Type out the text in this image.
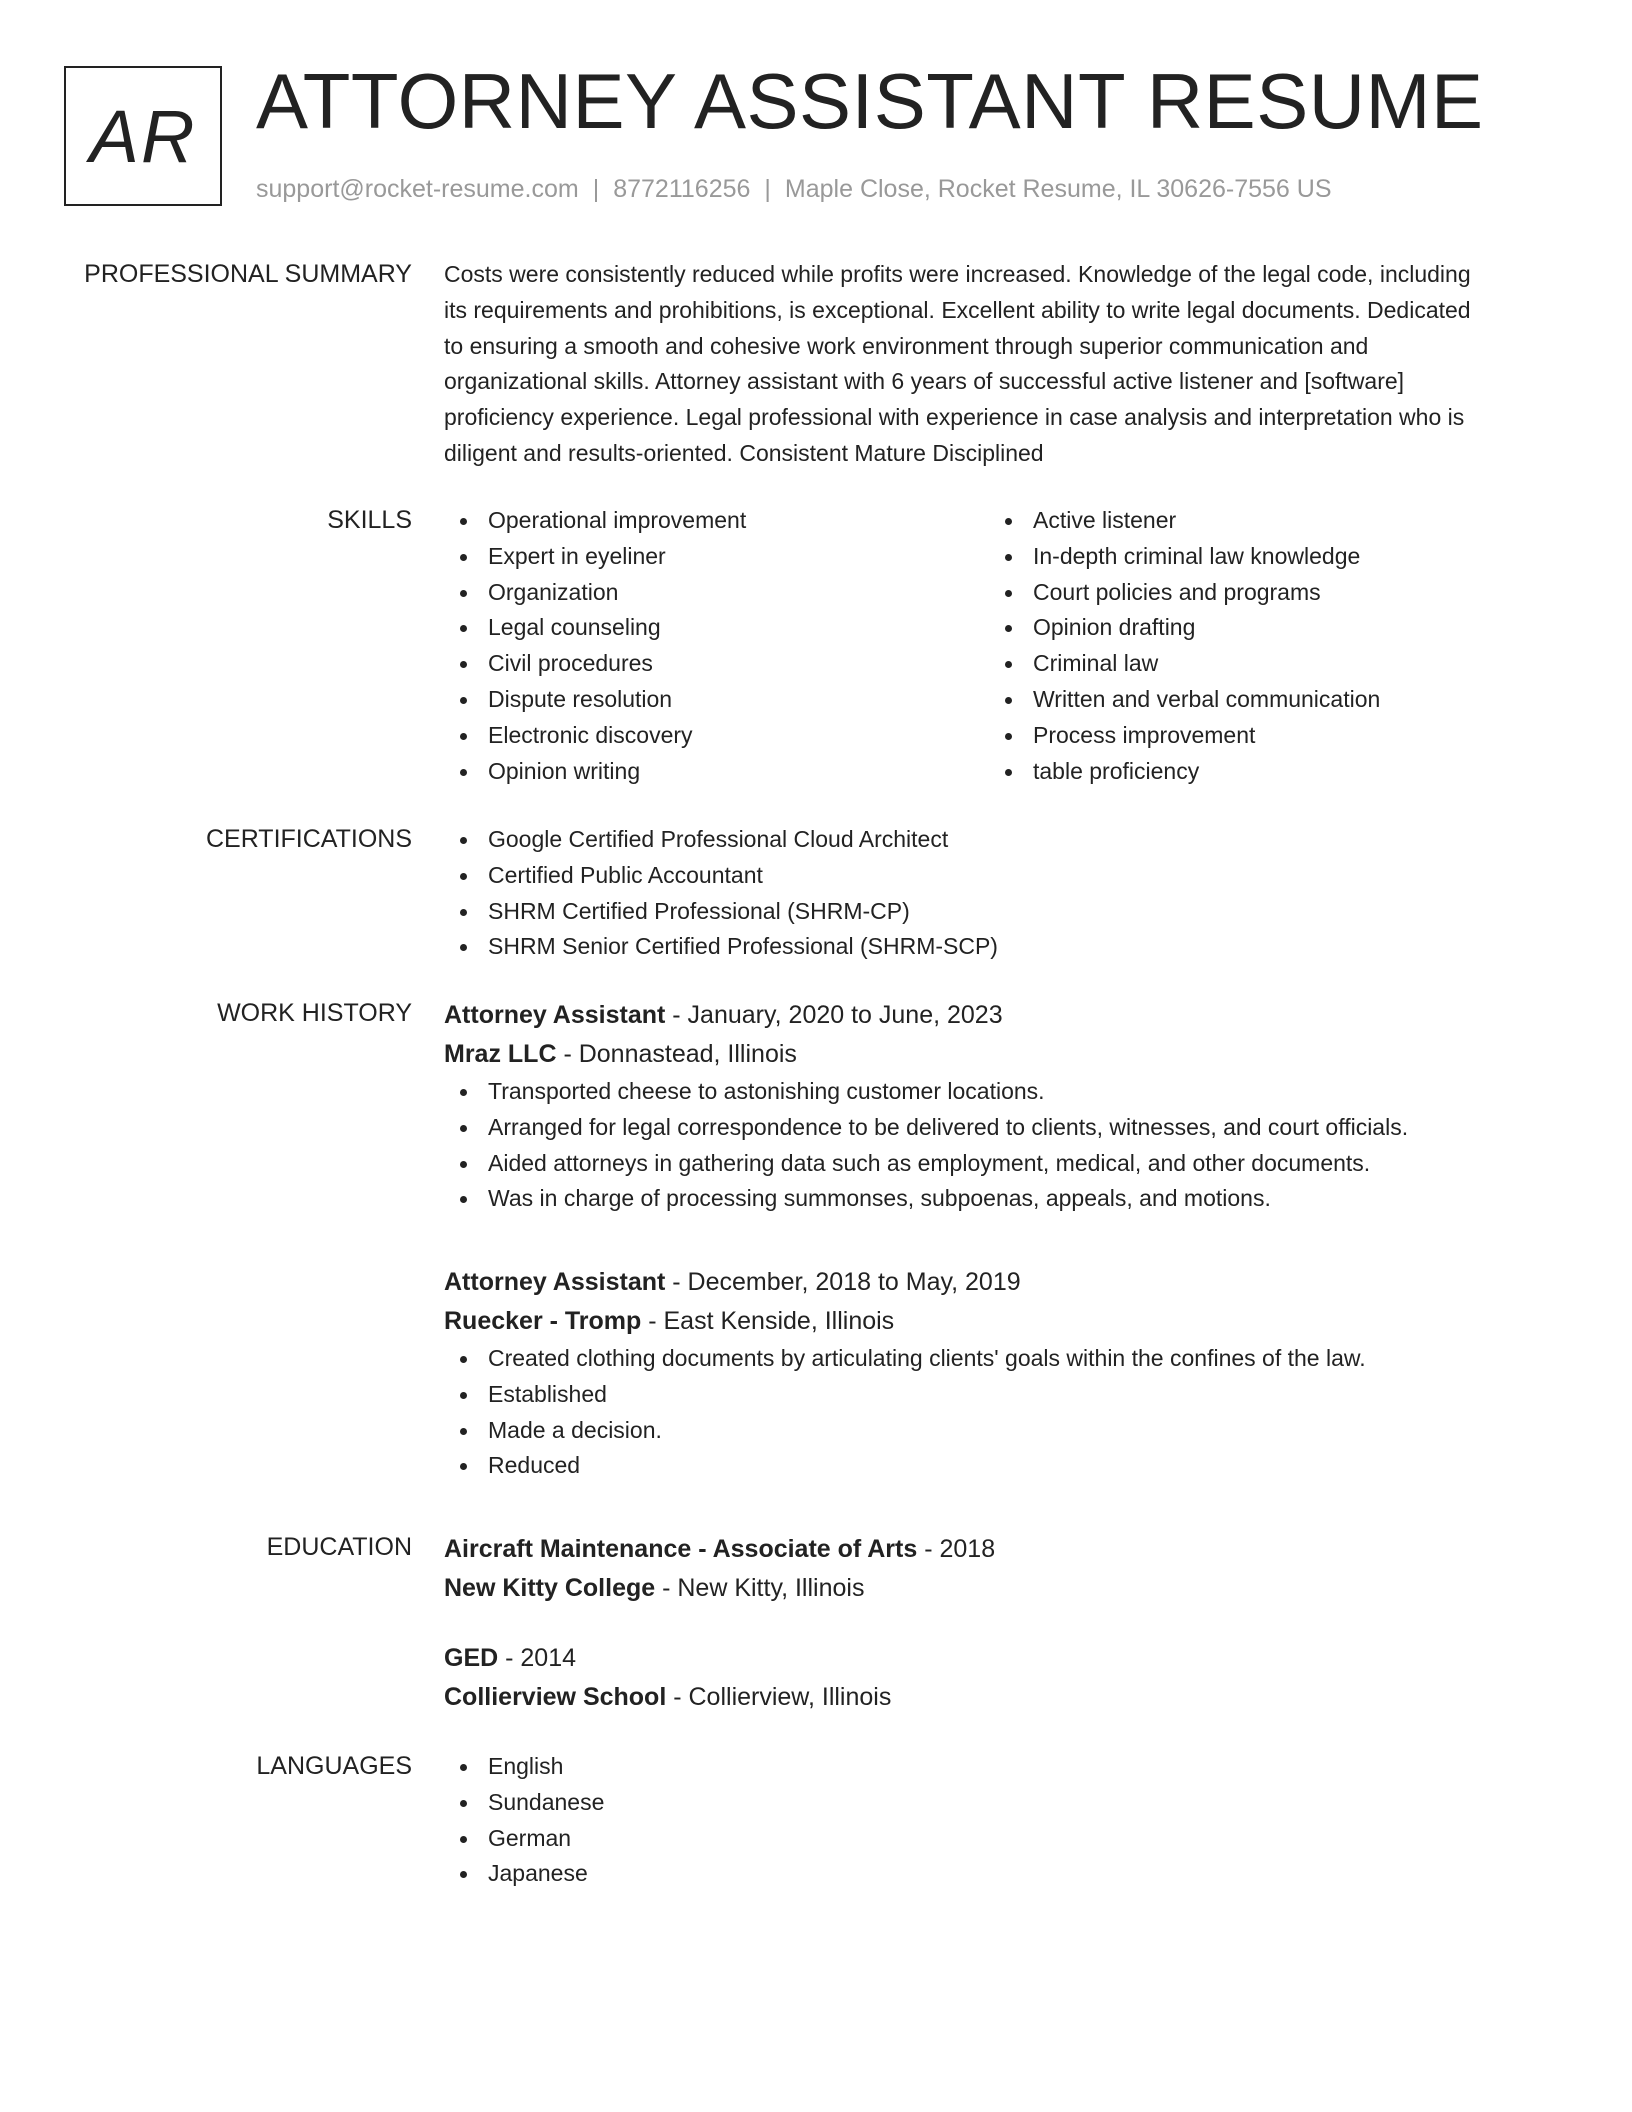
AR ATTORNEY ASSISTANT RESUME
support@rocket-resume.com | 8772116256 | Maple Close, Rocket Resume, IL 30626-7556 US
PROFESSIONAL SUMMARY Costs were consistently reduced while profits were increased. Knowledge of the legal code, including

its requirements and prohibitions, is exceptional. Excellent ability to write legal documents. Dedicated

to ensuring a smooth and cohesive work environment through superior communication and

organizational skills. Attorney assistant with 6 years of successful active listener and [software]

proficiency experience. Legal professional with experience in case analysis and interpretation who is

diligent and results-oriented. Consistent Mature Disciplined

SKILLS	Operational improvement
Expert in eyeliner
Organization
Legal counseling
Civil procedures
Dispute resolution
Electronic discovery
Opinion writing
Active listener
In-depth criminal law knowledge
Court policies and programs
Opinion drafting
Criminal law
Written and verbal communication
Process improvement
table proficiency
CERTIFICATIONS	Google Certified Professional Cloud Architect
Certified Public Accountant
SHRM Certified Professional (SHRM-CP)
SHRM Senior Certified Professional (SHRM-SCP)
WORK HISTORY Attorney Assistant - January, 2020 to June, 2023
Mraz LLC - Donnastead, Illinois
Transported cheese to astonishing customer locations.
Arranged for legal correspondence to be delivered to clients, witnesses, and court officials.
Aided attorneys in gathering data such as employment, medical, and other documents.
Was in charge of processing summonses, subpoenas, appeals, and motions.
Attorney Assistant - December, 2018 to May, 2019
Ruecker - Tromp - East Kenside, Illinois
Created clothing documents by articulating clients' goals within the confines of the law.
Established
Made a decision.
Reduced
EDUCATION Aircraft Maintenance - Associate of Arts - 2018
New Kitty College - New Kitty, Illinois
GED - 2014
Collierview School - Collierview, Illinois
LANGUAGES	English
Sundanese
German
Japanese
